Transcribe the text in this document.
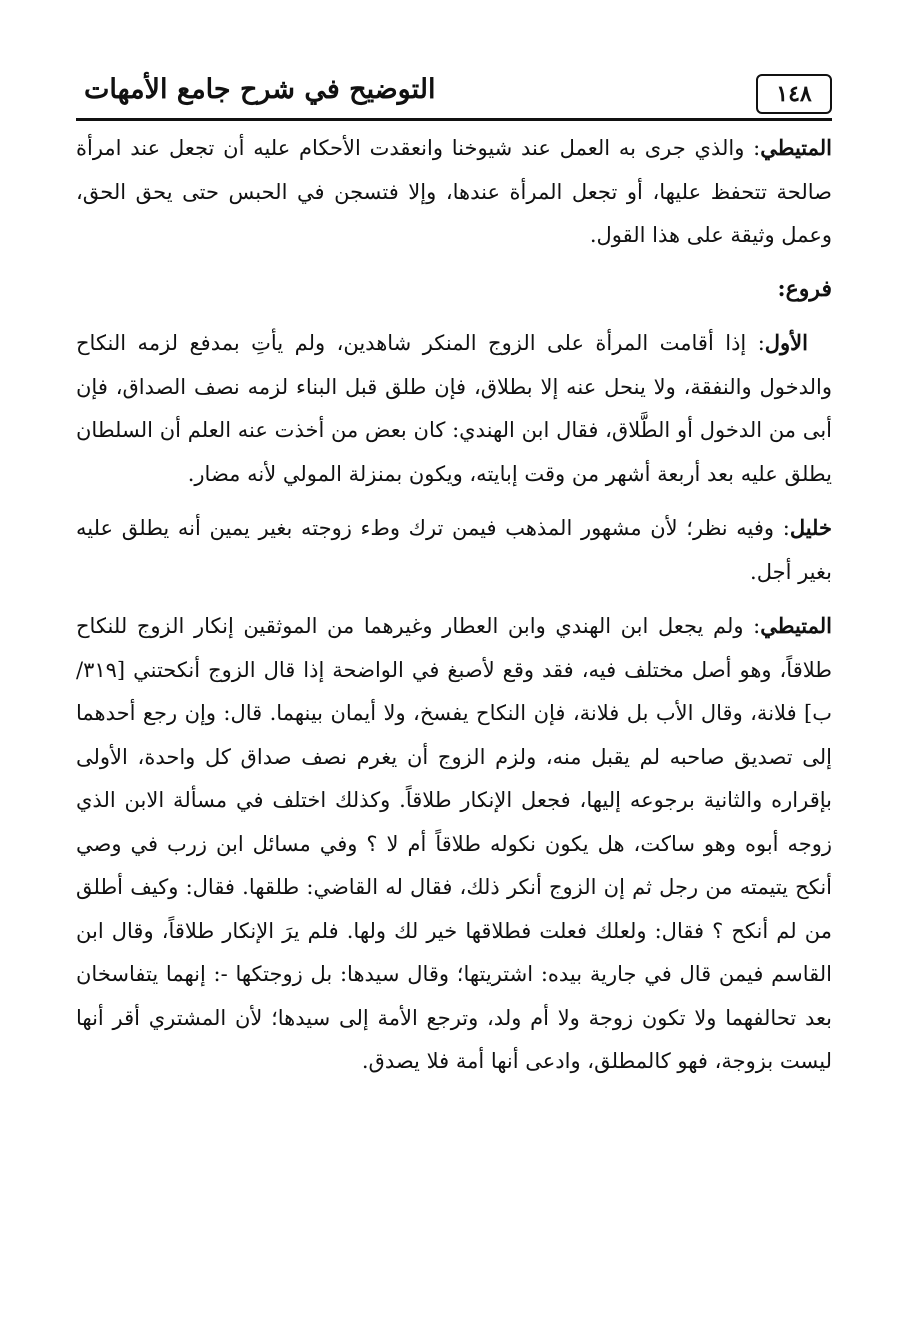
١٤٨
التوضيح في شرح جامع الأمهات

المتيطي: والذي جرى به العمل عند شيوخنا وانعقدت الأحكام عليه أن تجعل عند امرأة صالحة تتحفظ عليها، أو تجعل المرأة عندها، وإلا فتسجن في الحبس حتى يحق الحق، وعمل وثيقة على هذا القول.

فروع:

الأول: إذا أقامت المرأة على الزوج المنكر شاهدين، ولم يأتِ بمدفع لزمه النكاح والدخول والنفقة، ولا ينحل عنه إلا بطلاق، فإن طلق قبل البناء لزمه نصف الصداق، فإن أبى من الدخول أو الطَّلاق، فقال ابن الهندي: كان بعض من أخذت عنه العلم أن السلطان يطلق عليه بعد أربعة أشهر من وقت إبايته، ويكون بمنزلة المولي لأنه مضار.

خليل: وفيه نظر؛ لأن مشهور المذهب فيمن ترك وطء زوجته بغير يمين أنه يطلق عليه بغير أجل.

المتيطي: ولم يجعل ابن الهندي وابن العطار وغيرهما من الموثقين إنكار الزوج للنكاح طلاقاً، وهو أصل مختلف فيه، فقد وقع لأصبغ في الواضحة إذا قال الزوج أنكحتني [٣١٩/ ب] فلانة، وقال الأب بل فلانة، فإن النكاح يفسخ، ولا أيمان بينهما. قال: وإن رجع أحدهما إلى تصديق صاحبه لم يقبل منه، ولزم الزوج أن يغرم نصف صداق كل واحدة، الأولى بإقراره والثانية برجوعه إليها، فجعل الإنكار طلاقاً. وكذلك اختلف في مسألة الابن الذي زوجه أبوه وهو ساكت، هل يكون نكوله طلاقاً أم لا ؟ وفي مسائل ابن زرب في وصي أنكح يتيمته من رجل ثم إن الزوج أنكر ذلك، فقال له القاضي: طلقها. فقال: وكيف أطلق من لم أنكح ؟ فقال: ولعلك فعلت فطلاقها خير لك ولها. فلم يرَ الإنكار طلاقاً، وقال ابن القاسم فيمن قال في جارية بيده: اشتريتها؛ وقال سيدها: بل زوجتكها -: إنهما يتفاسخان بعد تحالفهما ولا تكون زوجة ولا أم ولد، وترجع الأمة إلى سيدها؛ لأن المشتري أقر أنها ليست بزوجة، فهو كالمطلق، وادعى أنها أمة فلا يصدق.
